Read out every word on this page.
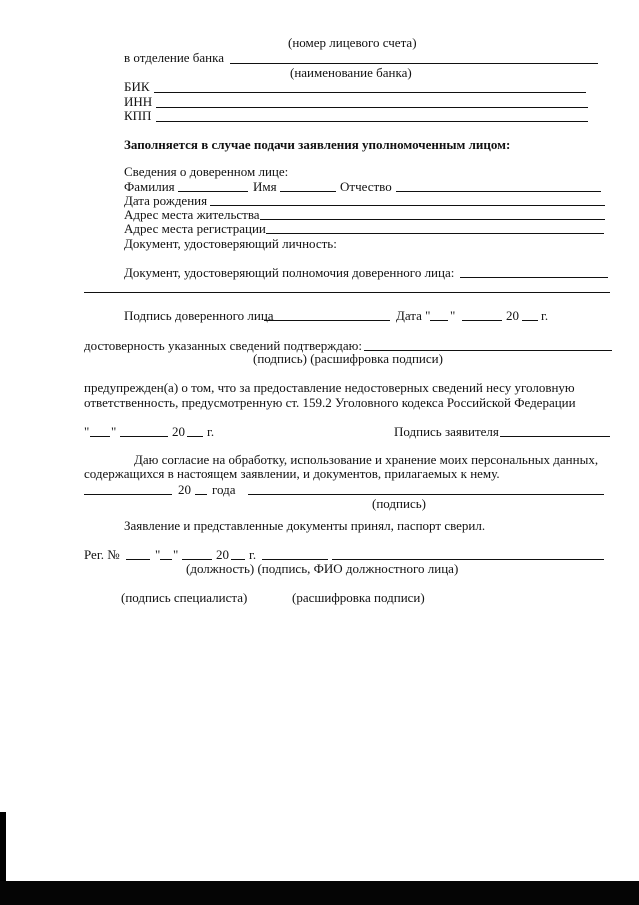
(номер лицевого счета)
в отделение банка
(наименование банка)
БИК
ИНН
КПП
Заполняется в случае подачи заявления уполномоченным лицом:
Сведения о доверенном лице:
Фамилия	Имя	Отчество
Дата рождения
Адрес места жительства
Адрес места регистрации
Документ, удостоверяющий личность:
Документ, удостоверяющий полномочия доверенного лица:
Подпись доверенного лица	Дата " "	20 г.
достоверность указанных сведений подтверждаю:
(подпись) (расшифровка подписи)
предупрежден(а) о том, что за предоставление недостоверных сведений несу уголовную
ответственность, предусмотренную ст. 159.2 Уголовного кодекса Российской Федерации
" "	20 г.	Подпись заявителя
Даю согласие на обработку, использование и хранение моих персональных данных,
содержащихся в настоящем заявлении, и документов, прилагаемых к нему.
20 года
(подпись)
Заявление и представленные документы принял, паспорт сверил.
Рег. №	" "	20 г.
(должность) (подпись, ФИО должностного лица)
(подпись специалиста)	(расшифровка подписи)
